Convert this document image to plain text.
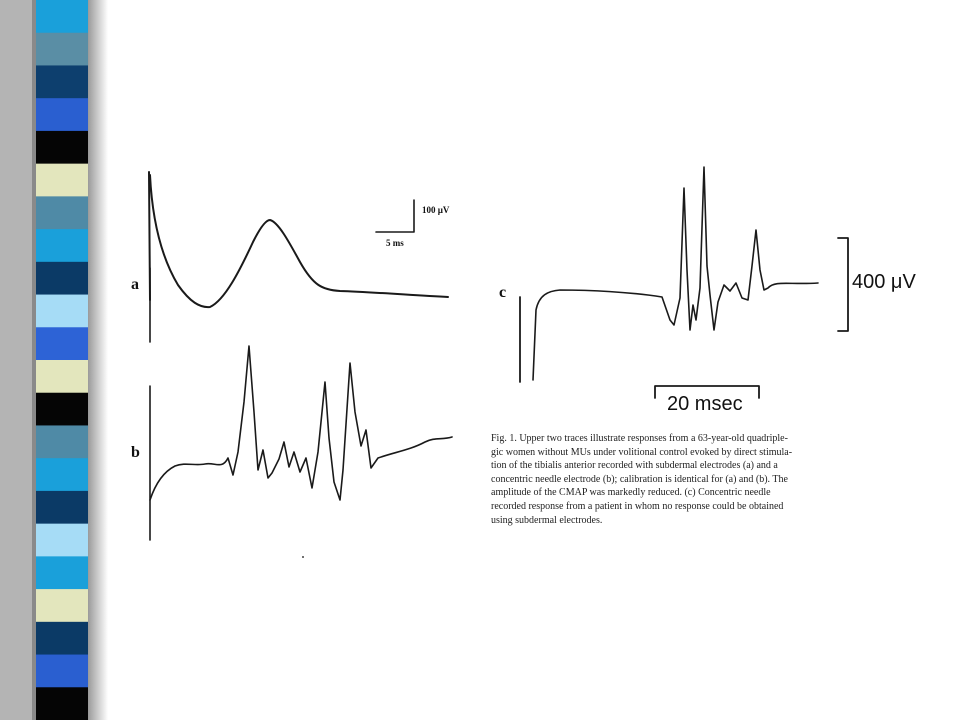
a
b
c
100 µV
5 ms
400 μV
20 msec
Fig. 1. Upper two traces illustrate responses from a 63-year-old quadriple-
gic women without MUs under volitional control evoked by direct stimula-
tion of the tibialis anterior recorded with subdermal electrodes (a) and a
concentric needle electrode (b); calibration is identical for (a) and (b). The
amplitude of the CMAP was markedly reduced. (c) Concentric needle
recorded response from a patient in whom no response could be obtained
using subdermal electrodes.
